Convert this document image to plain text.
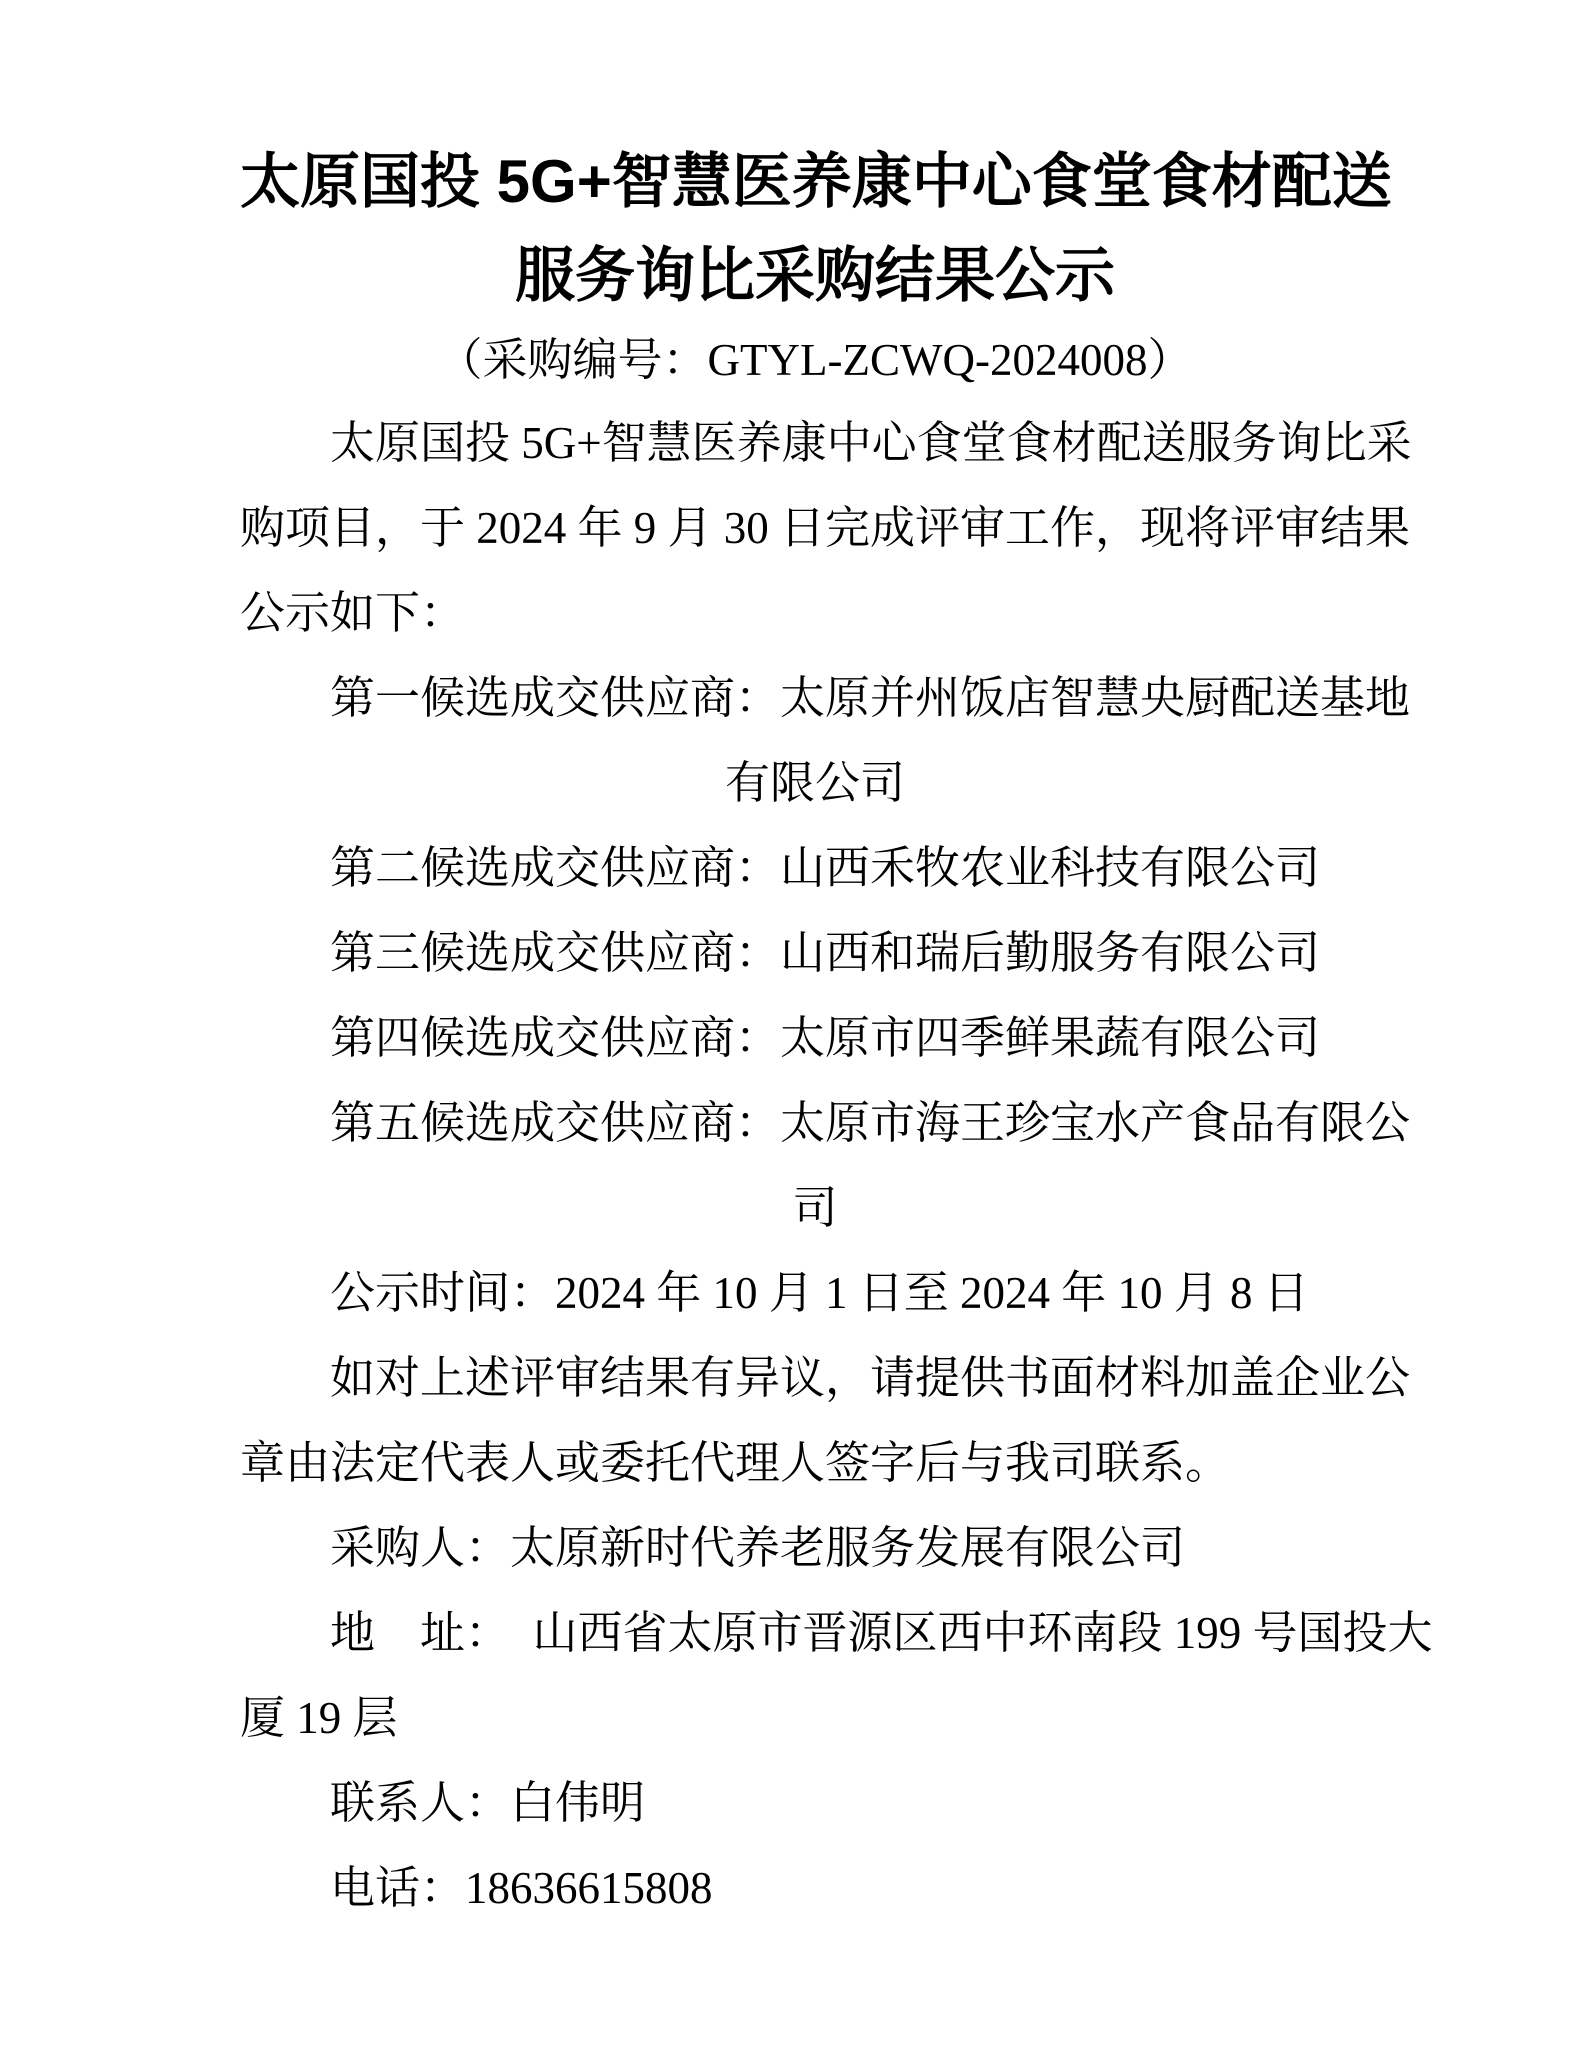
太原国投 5G+智慧医养康中心食堂食材配送
服务询比采购结果公示
（采购编号：GTYL-ZCWQ-2024008）
太原国投 5G+智慧医养康中心食堂食材配送服务询比采
购项目，于 2024 年 9 月 30 日完成评审工作，现将评审结果
公示如下：
第一候选成交供应商：太原并州饭店智慧央厨配送基地
有限公司
第二候选成交供应商：山西禾牧农业科技有限公司
第三候选成交供应商：山西和瑞后勤服务有限公司
第四候选成交供应商：太原市四季鲜果蔬有限公司
第五候选成交供应商：太原市海王珍宝水产食品有限公
司
公示时间：2024 年 10 月 1 日至 2024 年 10 月 8 日
如对上述评审结果有异议，请提供书面材料加盖企业公
章由法定代表人或委托代理人签字后与我司联系。
采购人：太原新时代养老服务发展有限公司
地　址：　山西省太原市晋源区西中环南段 199 号国投大
厦 19 层
联系人：白伟明
电话：18636615808
